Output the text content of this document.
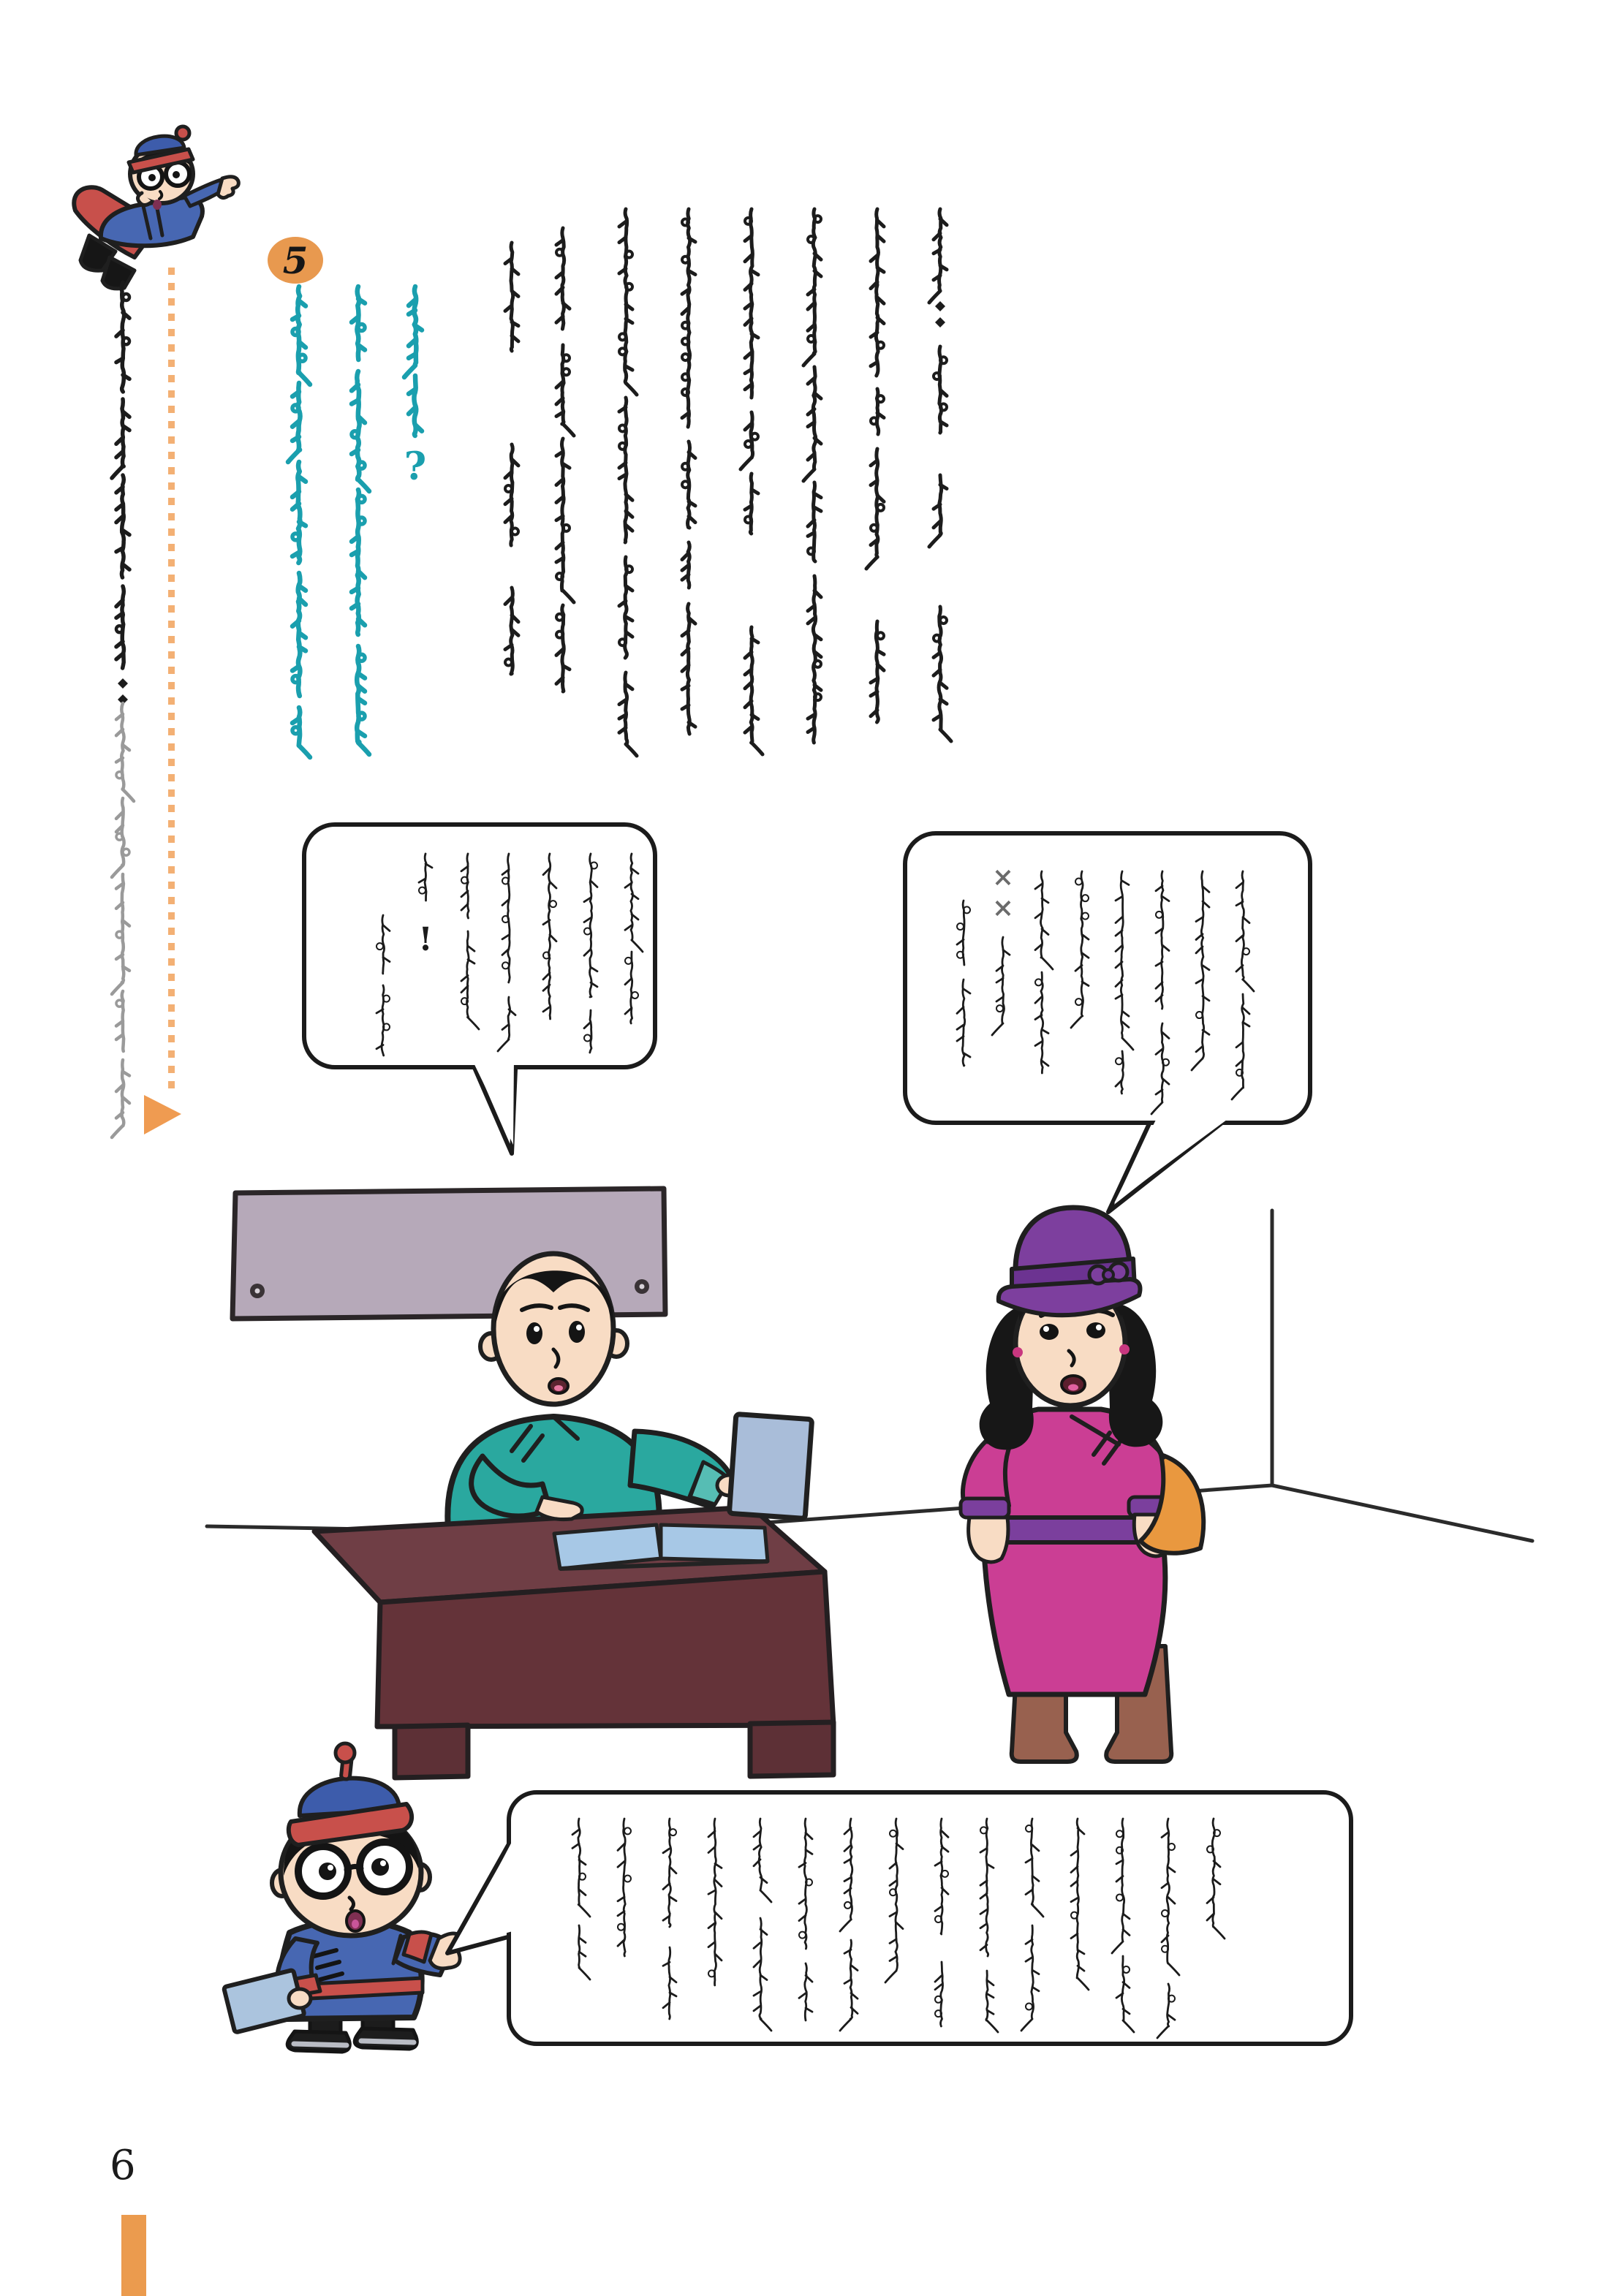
5
?
!
×
×
6
